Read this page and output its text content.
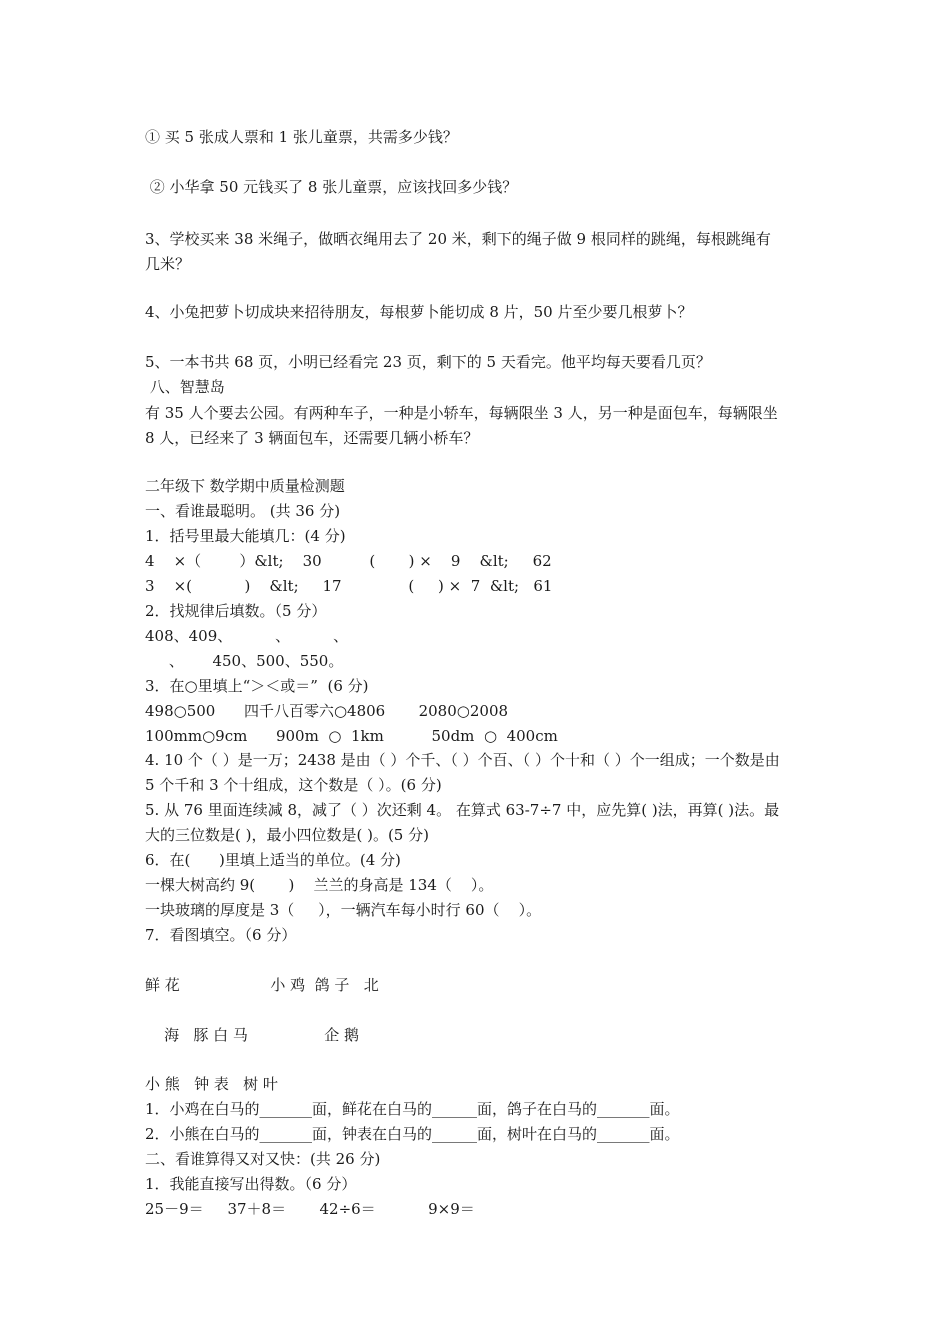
① 买 5 张成人票和 1 张儿童票，共需多少钱？
② 小华拿 50 元钱买了 8 张儿童票，应该找回多少钱？
3、学校买来 38 米绳子，做晒衣绳用去了 20 米，剩下的绳子做 9 根同样的跳绳，每根跳绳有
几米？
4、小兔把萝卜切成块来招待朋友，每根萝卜能切成 8 片，50 片至少要几根萝卜？
5、一本书共 68 页，小明已经看完 23 页，剩下的 5 天看完。他平均每天要看几页？
八、智慧岛
有 35 人个要去公园。有两种车子，一种是小轿车，每辆限坐 3 人，另一种是面包车，每辆限坐
8 人，已经来了 3 辆面包车，还需要几辆小桥车？
二年级下 数学期中质量检测题
一、看谁最聪明。 (共 36 分)
1．括号里最大能填几：(4 分)
4    ×（        ）&lt;    30          (       ) ×    9    &lt;     62
3    ×(           )    &lt;     17              (     ) ×  7  &lt;   61
2．找规律后填数。（5 分）
408、409、         、         、
、      450、500、550。
3．在○里填上“＞＜或＝”  (6 分)
498○500      四千八百零六○4806       2080○2008
100mm○9cm      900m  ○  1km          50dm  ○  400cm
4. 10 个（ ）是一万；2438 是由（ ）个千、（ ）个百、（ ）个十和（ ）个一组成；一个数是由
5 个千和 3 个十组成，这个数是（ ）。(6 分)
5. 从 76 里面连续减 8，减了（ ）次还剩 4。 在算式 63-7÷7 中，应先算( )法，再算( )法。最
大的三位数是( )，最小四位数是( )。(5 分)
6．在(      )里填上适当的单位。(4 分)
一棵大树高约 9(       )    兰兰的身高是 134（    ）。
一块玻璃的厚度是 3（     ），一辆汽车每小时行 60（    ）。
7．看图填空。（6 分）
鲜 花                   小 鸡  鸽 子   北
海   豚 白 马                企 鹅
小 熊   钟 表   树 叶
1．小鸡在白马的_______面，鲜花在白马的______面，鸽子在白马的_______面。
2．小熊在白马的_______面，钟表在白马的______面，树叶在白马的_______面。
二、看谁算得又对又快：(共 26 分)
1．我能直接写出得数。（6 分）
25－9＝     37＋8＝       42÷6＝           9×9＝
